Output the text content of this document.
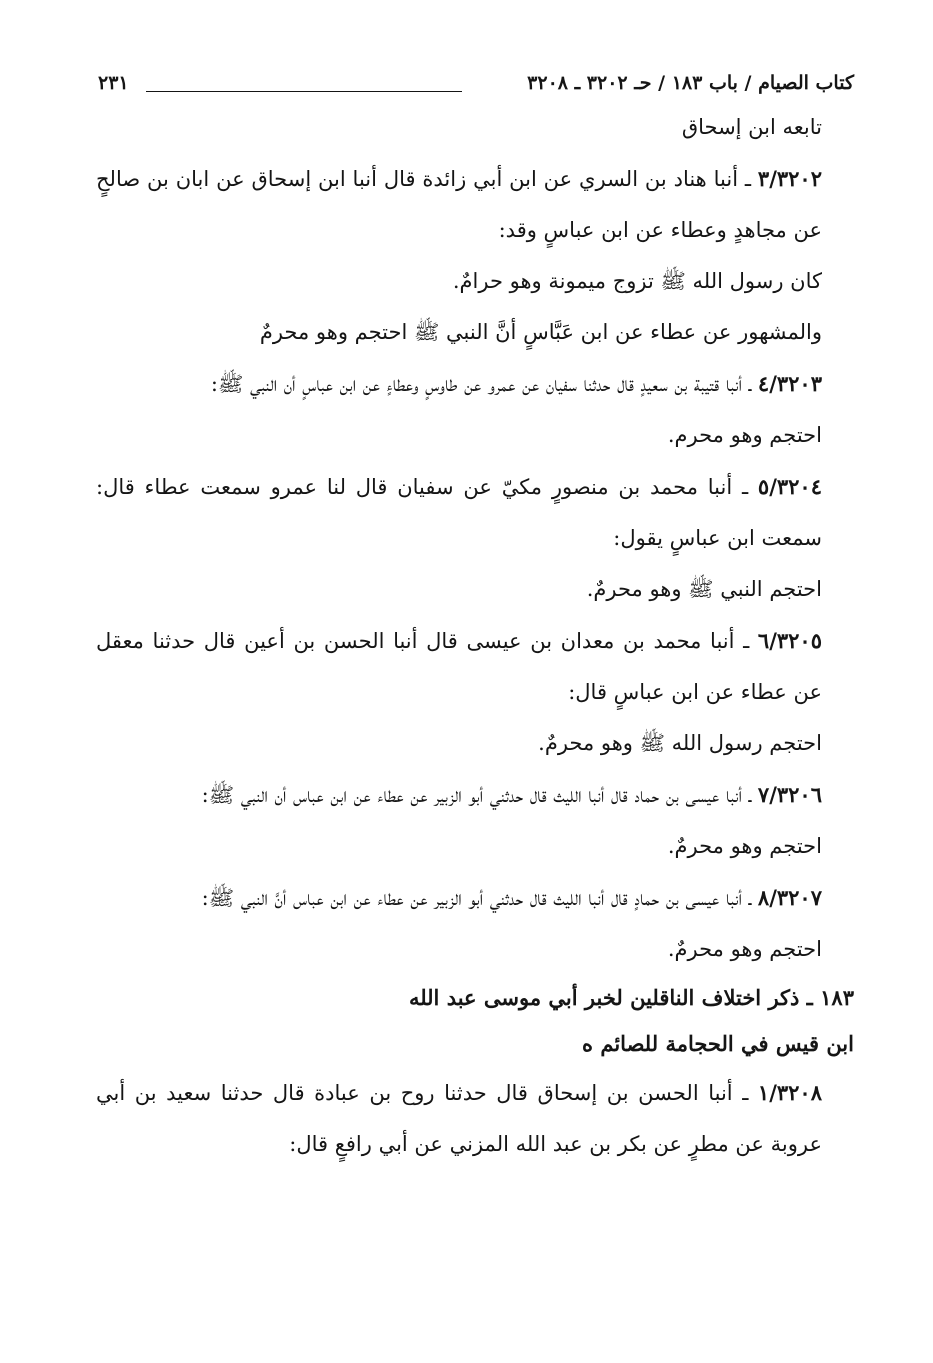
كتاب الصيام / باب ١٨٣ / حـ ٣٢٠٢ ـ ٣٢٠٨
٢٣١

تابعه ابن إسحاق

٣/٣٢٠٢ ـ أنبا هناد بن السري عن ابن أبي زائدة قال أنبا ابن إسحاق عن ابان بن صالحٍ عن مجاهدٍ وعطاء عن ابن عباسٍ وقد:

كان رسول الله ﷺ تزوج ميمونة وهو حرامٌ.

والمشهور عن عطاء عن ابن عَبَّاسٍ أنَّ النبي ﷺ احتجم وهو محرمٌ

٤/٣٢٠٣ ـ أنبا قتيبة بن سعيدٍ قال حدثنا سفيان عن عمرو عن طاوسٍ وعطاءٍ عن ابن عباسٍ أن النبي ﷺ:

احتجم وهو محرم.

٥/٣٢٠٤ ـ أنبا محمد بن منصورٍ مكيّ عن سفيان قال لنا عمرو سمعت عطاء قال: سمعت ابن عباسٍ يقول:

احتجم النبي ﷺ وهو محرمٌ.

٦/٣٢٠٥ ـ أنبا محمد بن معدان بن عيسى قال أنبا الحسن بن أعين قال حدثنا معقل عن عطاء عن ابن عباسٍ قال:

احتجم رسول الله ﷺ وهو محرمٌ.

٧/٣٢٠٦ ـ أنبا عيسى بن حماد قال أنبا الليث قال حدثني أبو الزبير عن عطاء عن ابن عباس أن النبي ﷺ:

احتجم وهو محرمٌ.

٨/٣٢٠٧ ـ أنبا عيسى بن حمادٍ قال أنبا الليث قال حدثني أبو الزبير عن عطاء عن ابن عباس أنَّ النبي ﷺ:

احتجم وهو محرمٌ.

١٨٣ ـ ذكر اختلاف الناقلين لخبر أبي موسى عبد الله
ابن قيس في الحجامة للصائم ه

١/٣٢٠٨ ـ أنبا الحسن بن إسحاق قال حدثنا روح بن عبادة قال حدثنا سعيد بن أبي عروبة عن مطرٍ عن بكر بن عبد الله المزني عن أبي رافعٍ قال:
